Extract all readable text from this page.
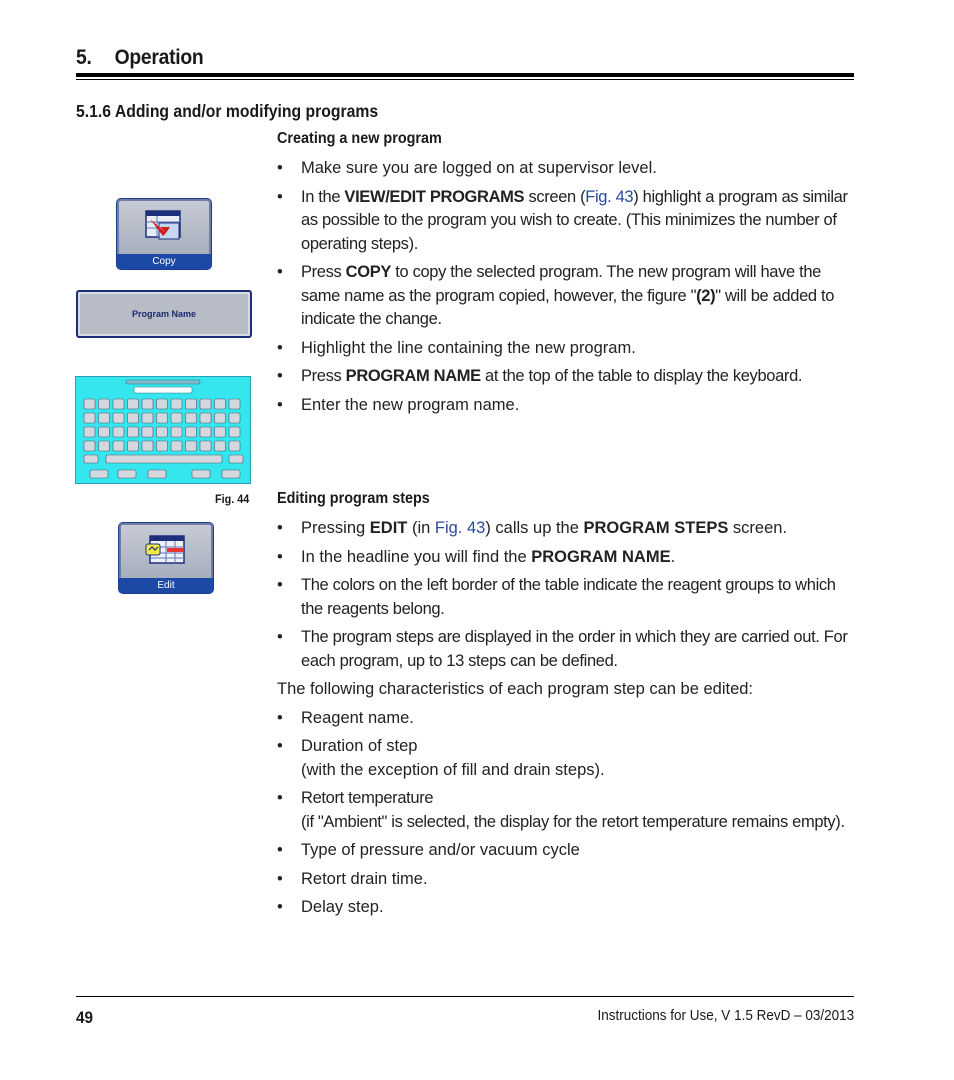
5. Operation
5.1.6 Adding and/or modifying programs
Creating a new program
• Make sure you are logged on at supervisor level.
• In the VIEW/EDIT PROGRAMS screen (Fig. 43) highlight a program as similar as possible to the program you wish to create. (This minimizes the number of operating steps).
• Press COPY to copy the selected program. The new program will have the same name as the program copied, however, the figure "(2)" will be added to indicate the change.
• Highlight the line containing the new program.
• Press PROGRAM NAME at the top of the table to display the keyboard.
• Enter the new program name.
Copy
Program Name
Fig. 44
Edit
Editing program steps
• Pressing EDIT (in Fig. 43) calls up the PROGRAM STEPS screen.
• In the headline you will find the PROGRAM NAME.
• The colors on the left border of the table indicate the reagent groups to which the reagents belong.
• The program steps are displayed in the order in which they are carried out. For each program, up to 13 steps can be defined.

The following characteristics of each program step can be edited:

• Reagent name.
• Duration of step
(with the exception of fill and drain steps).
• Retort temperature
(if "Ambient" is selected, the display for the retort temperature remains empty).
• Type of pressure and/or vacuum cycle
• Retort drain time.
• Delay step.
49	Instructions for Use, V 1.5 RevD – 03/2013
